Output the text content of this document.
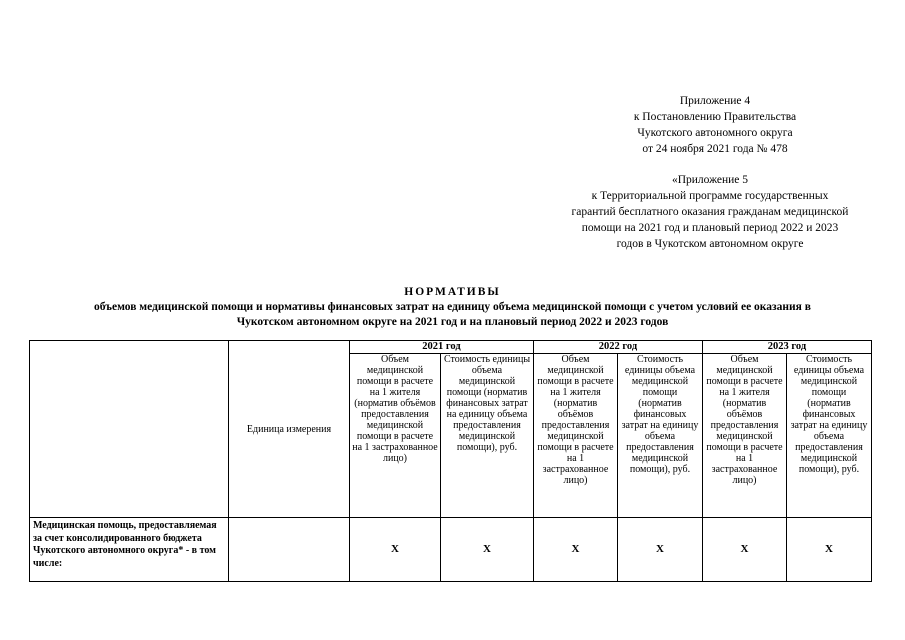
Приложение 4
к Постановлению Правительства
Чукотского автономного округа
от 24 ноября 2021 года № 478
«Приложение 5
к Территориальной программе государственных
гарантий бесплатного оказания гражданам медицинской
помощи на 2021 год и плановый период 2022 и 2023
годов в Чукотском автономном округе
НОРМАТИВЫ
объемов медицинской помощи и нормативы финансовых затрат на единицу объема медицинской помощи с учетом условий ее оказания в
Чукотском автономном округе на 2021 год и на плановый период 2022 и 2023 годов
	Единица измерения	2021 год		2022 год		2023 год	
		Объем медицинской помощи в расчете на 1 жителя (норматив объёмов предоставления медицинской помощи в расчете на 1 застрахованное лицо)	Стоимость единицы объема медицинской помощи (норматив финансовых затрат на единицу объема предоставления медицинской помощи), руб.	Объем медицинской помощи в расчете на 1 жителя (норматив объёмов предоставления медицинской помощи в расчете на 1 застрахованное лицо)	Стоимость единицы объема медицинской помощи (норматив финансовых затрат на единицу объема предоставления медицинской помощи), руб.	Объем медицинской помощи в расчете на 1 жителя (норматив объёмов предоставления медицинской помощи в расчете на 1 застрахованное лицо)	Стоимость единицы объема медицинской помощи (норматив финансовых затрат на единицу объема предоставления медицинской помощи), руб.
Медицинская помощь, предоставляемая за счет консолидированного бюджета Чукотского автономного округа* - в том числе:		Х	Х	Х	Х	Х	Х
